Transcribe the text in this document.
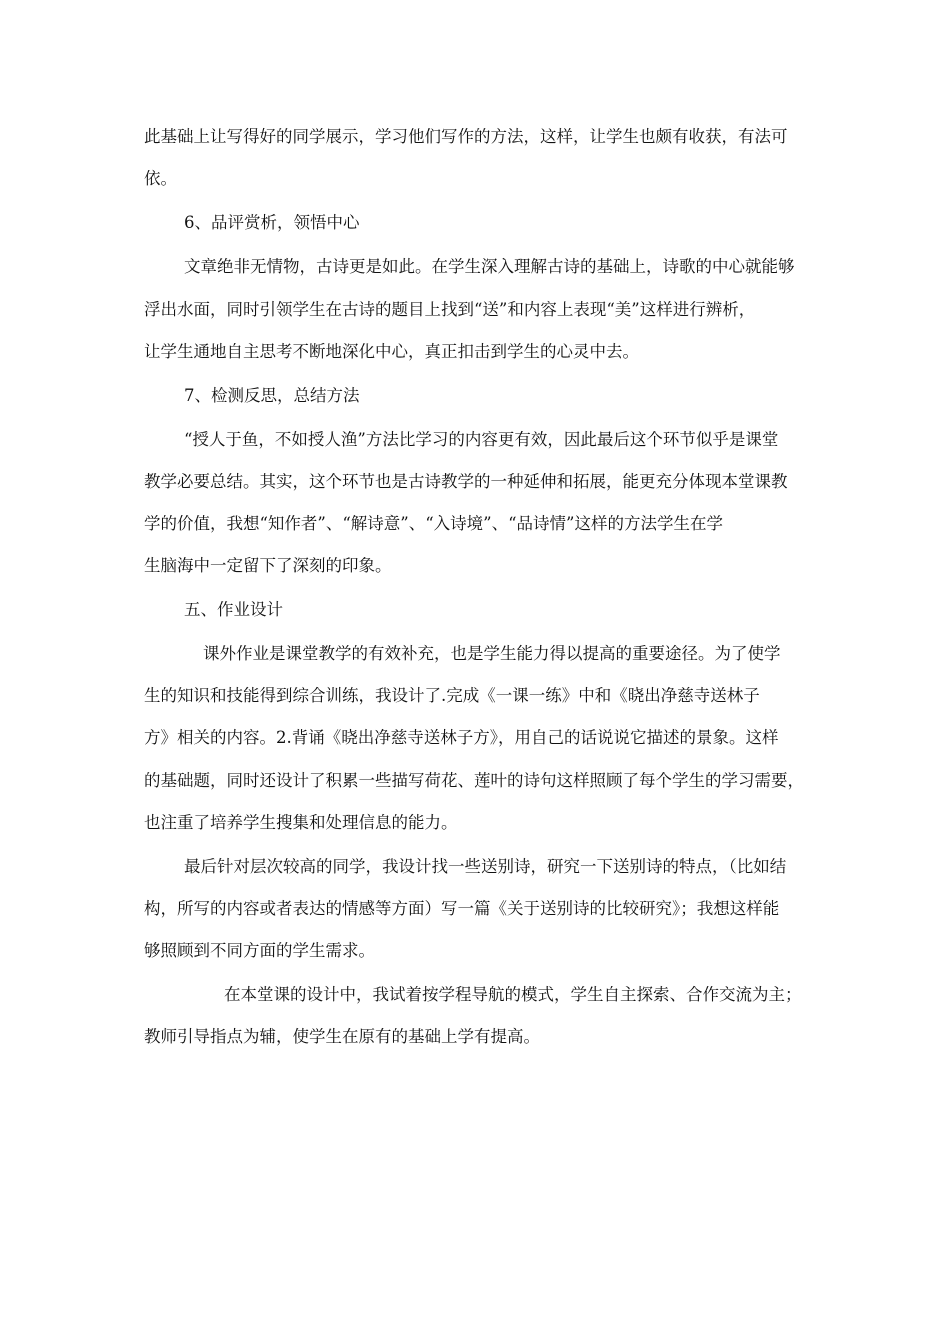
此基础上让写得好的同学展示，学习他们写作的方法，这样，让学生也颇有收获，有法可
依。
6、品评赏析，领悟中心
文章绝非无情物，古诗更是如此。在学生深入理解古诗的基础上，诗歌的中心就能够
浮出水面，同时引领学生在古诗的题目上找到“送”和内容上表现“美”这样进行辨析，
让学生通地自主思考不断地深化中心，真正扣击到学生的心灵中去。
7、检测反思，总结方法
“授人于鱼，不如授人渔”方法比学习的内容更有效，因此最后这个环节似乎是课堂
教学必要总结。其实，这个环节也是古诗教学的一种延伸和拓展，能更充分体现本堂课教
学的价值，我想“知作者”、“解诗意”、“入诗境”、“品诗情”这样的方法学生在学
生脑海中一定留下了深刻的印象。
五、作业设计
课外作业是课堂教学的有效补充，也是学生能力得以提高的重要途径。为了使学
生的知识和技能得到综合训练，我设计了.完成《一课一练》中和《晓出净慈寺送林子
方》相关的内容。2.背诵《晓出净慈寺送林子方》，用自己的话说说它描述的景象。这样
的基础题，同时还设计了积累一些描写荷花、莲叶的诗句这样照顾了每个学生的学习需要，
也注重了培养学生搜集和处理信息的能力。
最后针对层次较高的同学，我设计找一些送别诗，研究一下送别诗的特点，（比如结
构，所写的内容或者表达的情感等方面）写一篇《关于送别诗的比较研究》；我想这样能
够照顾到不同方面的学生需求。
在本堂课的设计中，我试着按学程导航的模式，学生自主探索、合作交流为主；
教师引导指点为辅，使学生在原有的基础上学有提高。
